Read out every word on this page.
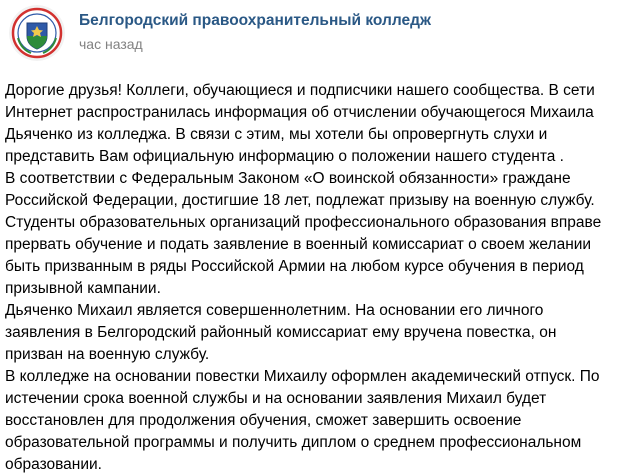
Белгородский правоохранительный колледж
час назад

Дорогие друзья! Коллеги, обучающиеся и подписчики нашего сообщества. В сети Интернет распространилась информация об отчислении обучающегося Михаила Дьяченко из колледжа. В связи с этим, мы хотели бы опровергнуть слухи и представить Вам официальную информацию о положении нашего студента .

В соответствии с Федеральным Законом «О воинской обязанности» граждане Российской Федерации, достигшие 18 лет, подлежат призыву на военную службу.

Студенты образовательных организаций профессионального образования вправе прервать обучение и подать заявление в военный комиссариат о своем желании быть призванным в ряды Российской Армии на любом курсе обучения в период призывной кампании.

Дьяченко Михаил является совершеннолетним. На основании его личного заявления в Белгородский районный комиссариат ему вручена повестка, он призван на военную службу.

В колледже на основании повестки Михаилу оформлен академический отпуск. По истечении срока военной службы и на основании заявления Михаил будет восстановлен для продолжения обучения, сможет завершить освоение образовательной программы и получить диплом о среднем профессиональном образовании.
